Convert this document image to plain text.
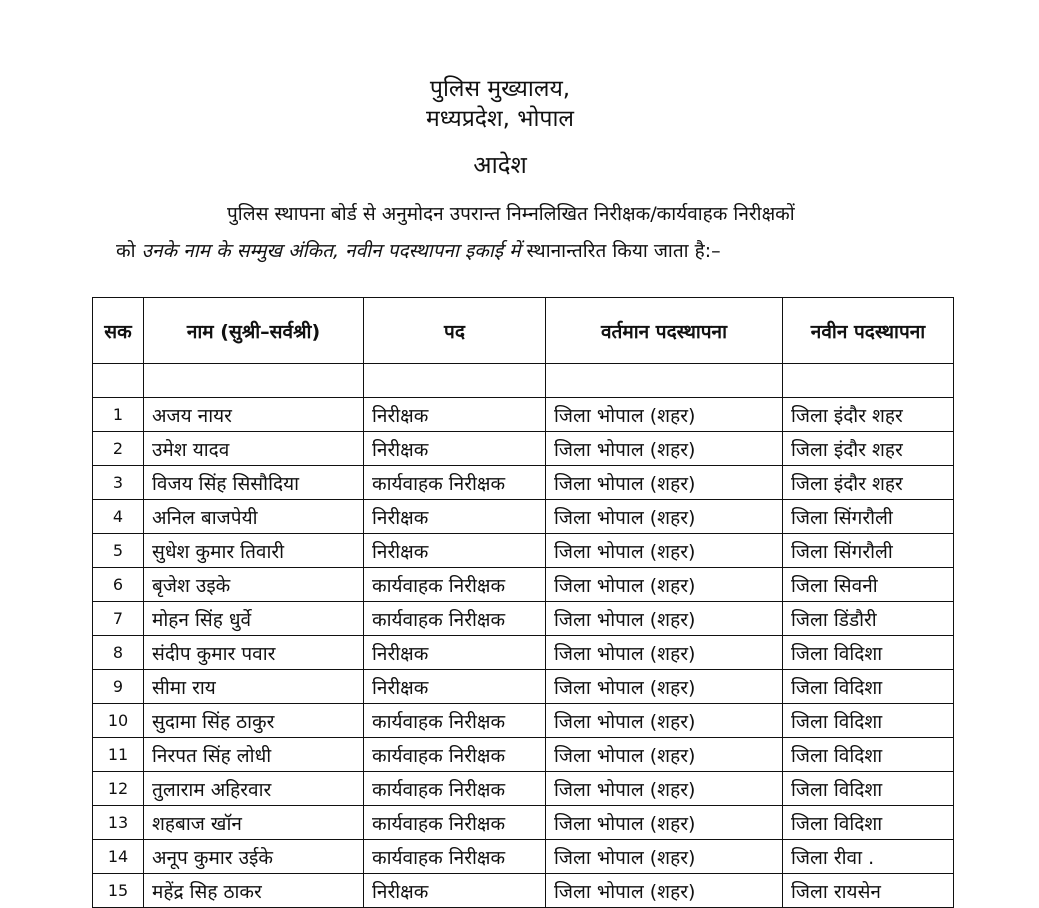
पुलिस मुख्यालय,
मध्यप्रदेश, भोपाल
आदेश
पुलिस स्थापना बोर्ड से अनुमोदन उपरान्त निम्नलिखित निरीक्षक/कार्यवाहक निरीक्षकों
को उनके नाम के सम्मुख अंकित, नवीन पदस्थापना इकाई में स्थानान्तरित किया जाता है:–
सक	नाम (सुश्री–सर्वश्री)	पद	वर्तमान पदस्थापना	नवीन पदस्थापना

1	अजय नायर	निरीक्षक	जिला भोपाल (शहर)	जिला इंदौर शहर
2	उमेश यादव	निरीक्षक	जिला भोपाल (शहर)	जिला इंदौर शहर
3	विजय सिंह सिसौदिया	कार्यवाहक निरीक्षक	जिला भोपाल (शहर)	जिला इंदौर शहर
4	अनिल बाजपेयी	निरीक्षक	जिला भोपाल (शहर)	जिला सिंगरौली
5	सुधेश कुमार तिवारी	निरीक्षक	जिला भोपाल (शहर)	जिला सिंगरौली
6	बृजेश उइके	कार्यवाहक निरीक्षक	जिला भोपाल (शहर)	जिला सिवनी
7	मोहन सिंह धुर्वे	कार्यवाहक निरीक्षक	जिला भोपाल (शहर)	जिला डिंडौरी
8	संदीप कुमार पवार	निरीक्षक	जिला भोपाल (शहर)	जिला विदिशा
9	सीमा राय	निरीक्षक	जिला भोपाल (शहर)	जिला विदिशा
10	सुदामा सिंह ठाकुर	कार्यवाहक निरीक्षक	जिला भोपाल (शहर)	जिला विदिशा
11	निरपत सिंह लोधी	कार्यवाहक निरीक्षक	जिला भोपाल (शहर)	जिला विदिशा
12	तुलाराम अहिरवार	कार्यवाहक निरीक्षक	जिला भोपाल (शहर)	जिला विदिशा
13	शहबाज खॉन	कार्यवाहक निरीक्षक	जिला भोपाल (शहर)	जिला विदिशा
14	अनूप कुमार उईके	कार्यवाहक निरीक्षक	जिला भोपाल (शहर)	जिला रीवा .
15	महेंद्र सिह ठाकर	निरीक्षक	जिला भोपाल (शहर)	जिला रायसेन
